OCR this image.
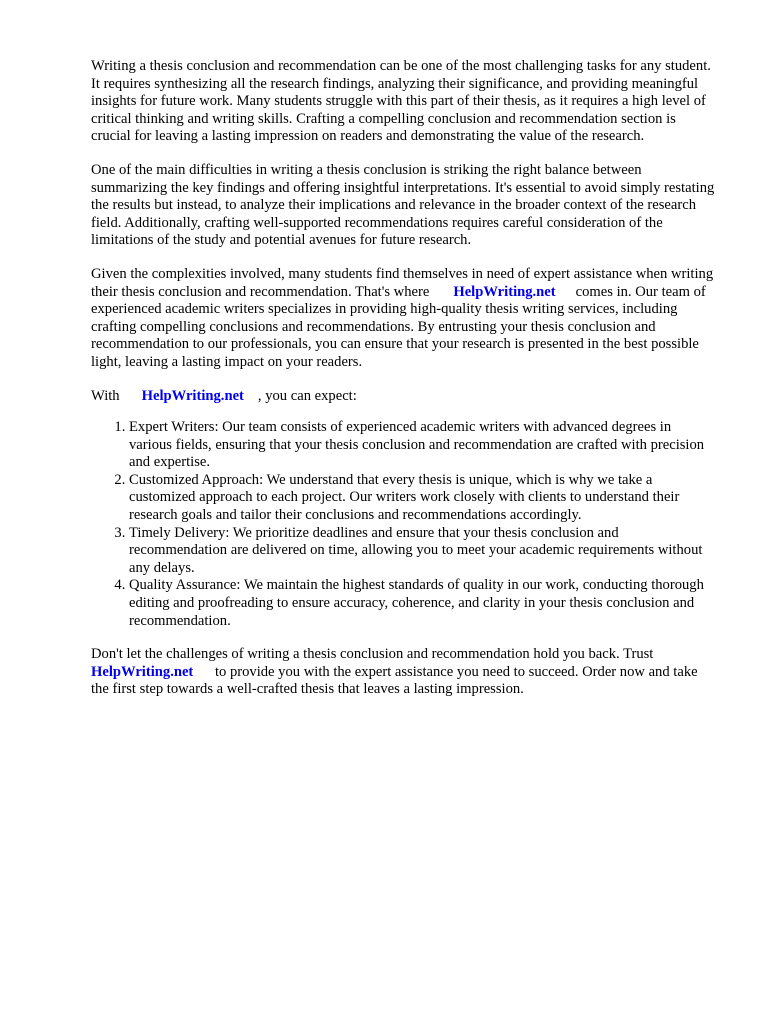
Writing a thesis conclusion and recommendation can be one of the most challenging tasks for any student. It requires synthesizing all the research findings, analyzing their significance, and providing meaningful insights for future work. Many students struggle with this part of their thesis, as it requires a high level of critical thinking and writing skills. Crafting a compelling conclusion and recommendation section is crucial for leaving a lasting impression on readers and demonstrating the value of the research.

One of the main difficulties in writing a thesis conclusion is striking the right balance between summarizing the key findings and offering insightful interpretations. It's essential to avoid simply restating the results but instead, to analyze their implications and relevance in the broader context of the research field. Additionally, crafting well-supported recommendations requires careful consideration of the limitations of the study and potential avenues for future research.

Given the complexities involved, many students find themselves in need of expert assistance when writing their thesis conclusion and recommendation. That's where HelpWriting.net comes in. Our team of experienced academic writers specializes in providing high-quality thesis writing services, including crafting compelling conclusions and recommendations. By entrusting your thesis conclusion and recommendation to our professionals, you can ensure that your research is presented in the best possible light, leaving a lasting impact on your readers.

With HelpWriting.net , you can expect:

1. Expert Writers: Our team consists of experienced academic writers with advanced degrees in various fields, ensuring that your thesis conclusion and recommendation are crafted with precision and expertise.
2. Customized Approach: We understand that every thesis is unique, which is why we take a customized approach to each project. Our writers work closely with clients to understand their research goals and tailor their conclusions and recommendations accordingly.
3. Timely Delivery: We prioritize deadlines and ensure that your thesis conclusion and recommendation are delivered on time, allowing you to meet your academic requirements without any delays.
4. Quality Assurance: We maintain the highest standards of quality in our work, conducting thorough editing and proofreading to ensure accuracy, coherence, and clarity in your thesis conclusion and recommendation.

Don't let the challenges of writing a thesis conclusion and recommendation hold you back. Trust HelpWriting.net to provide you with the expert assistance you need to succeed. Order now and take the first step towards a well-crafted thesis that leaves a lasting impression.
